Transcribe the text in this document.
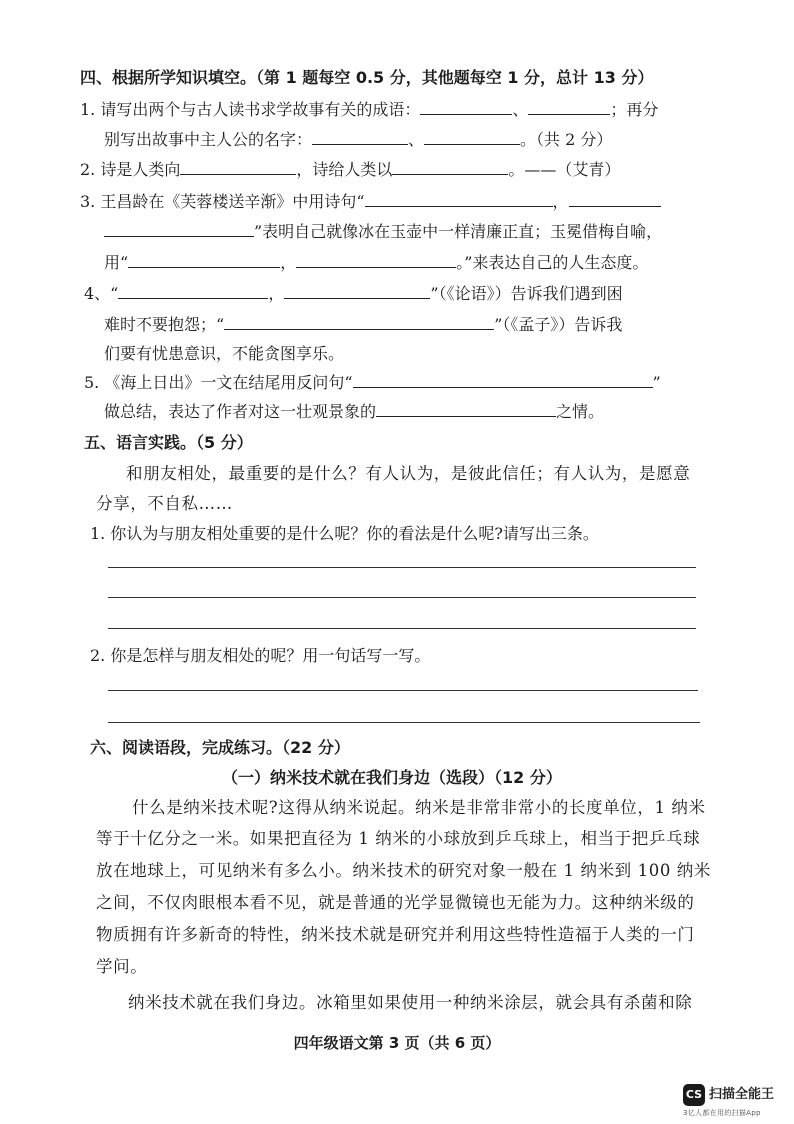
四、根据所学知识填空。（第 1 题每空 0.5 分，其他题每空 1 分，总计 13 分）
1. 请写出两个与古人读书求学故事有关的成语：	、	；再分
别写出故事中主人公的名字：	、	。（共 2 分）
2. 诗是人类向	，诗给人类以	。——（艾青）
3. 王昌龄在《芙蓉楼送辛渐》中用诗句“	，
”表明自己就像冰在玉壶中一样清廉正直；玉冕借梅自喻，
用“	，	。”来表达自己的人生态度。
4、“	，	”（《论语》）告诉我们遇到困
难时不要抱怨；“	”（《孟子》）告诉我
们要有忧患意识，不能贪图享乐。
5. 《海上日出》一文在结尾用反问句“	”
做总结，表达了作者对这一壮观景象的	之情。
五、语言实践。（5 分）
和朋友相处，最重要的是什么？有人认为，是彼此信任；有人认为，是愿意
分享，不自私……
1. 你认为与朋友相处重要的是什么呢？你的看法是什么呢?请写出三条。
2. 你是怎样与朋友相处的呢？用一句话写一写。
六、阅读语段，完成练习。（22 分）
（一）纳米技术就在我们身边（选段）（12 分）
什么是纳米技术呢?这得从纳米说起。纳米是非常非常小的长度单位，1 纳米
等于十亿分之一米。如果把直径为 1 纳米的小球放到乒乓球上，相当于把乒乓球
放在地球上，可见纳米有多么小。纳米技术的研究对象一般在 1 纳米到 100 纳米
之间，不仅肉眼根本看不见，就是普通的光学显微镜也无能为力。这种纳米级的
物质拥有许多新奇的特性，纳米技术就是研究并利用这些特性造福于人类的一门
学问。
纳米技术就在我们身边。冰箱里如果使用一种纳米涂层，就会具有杀菌和除
四年级语文第 3 页（共 6 页）
CS 扫描全能王
3亿人都在用的扫描App
